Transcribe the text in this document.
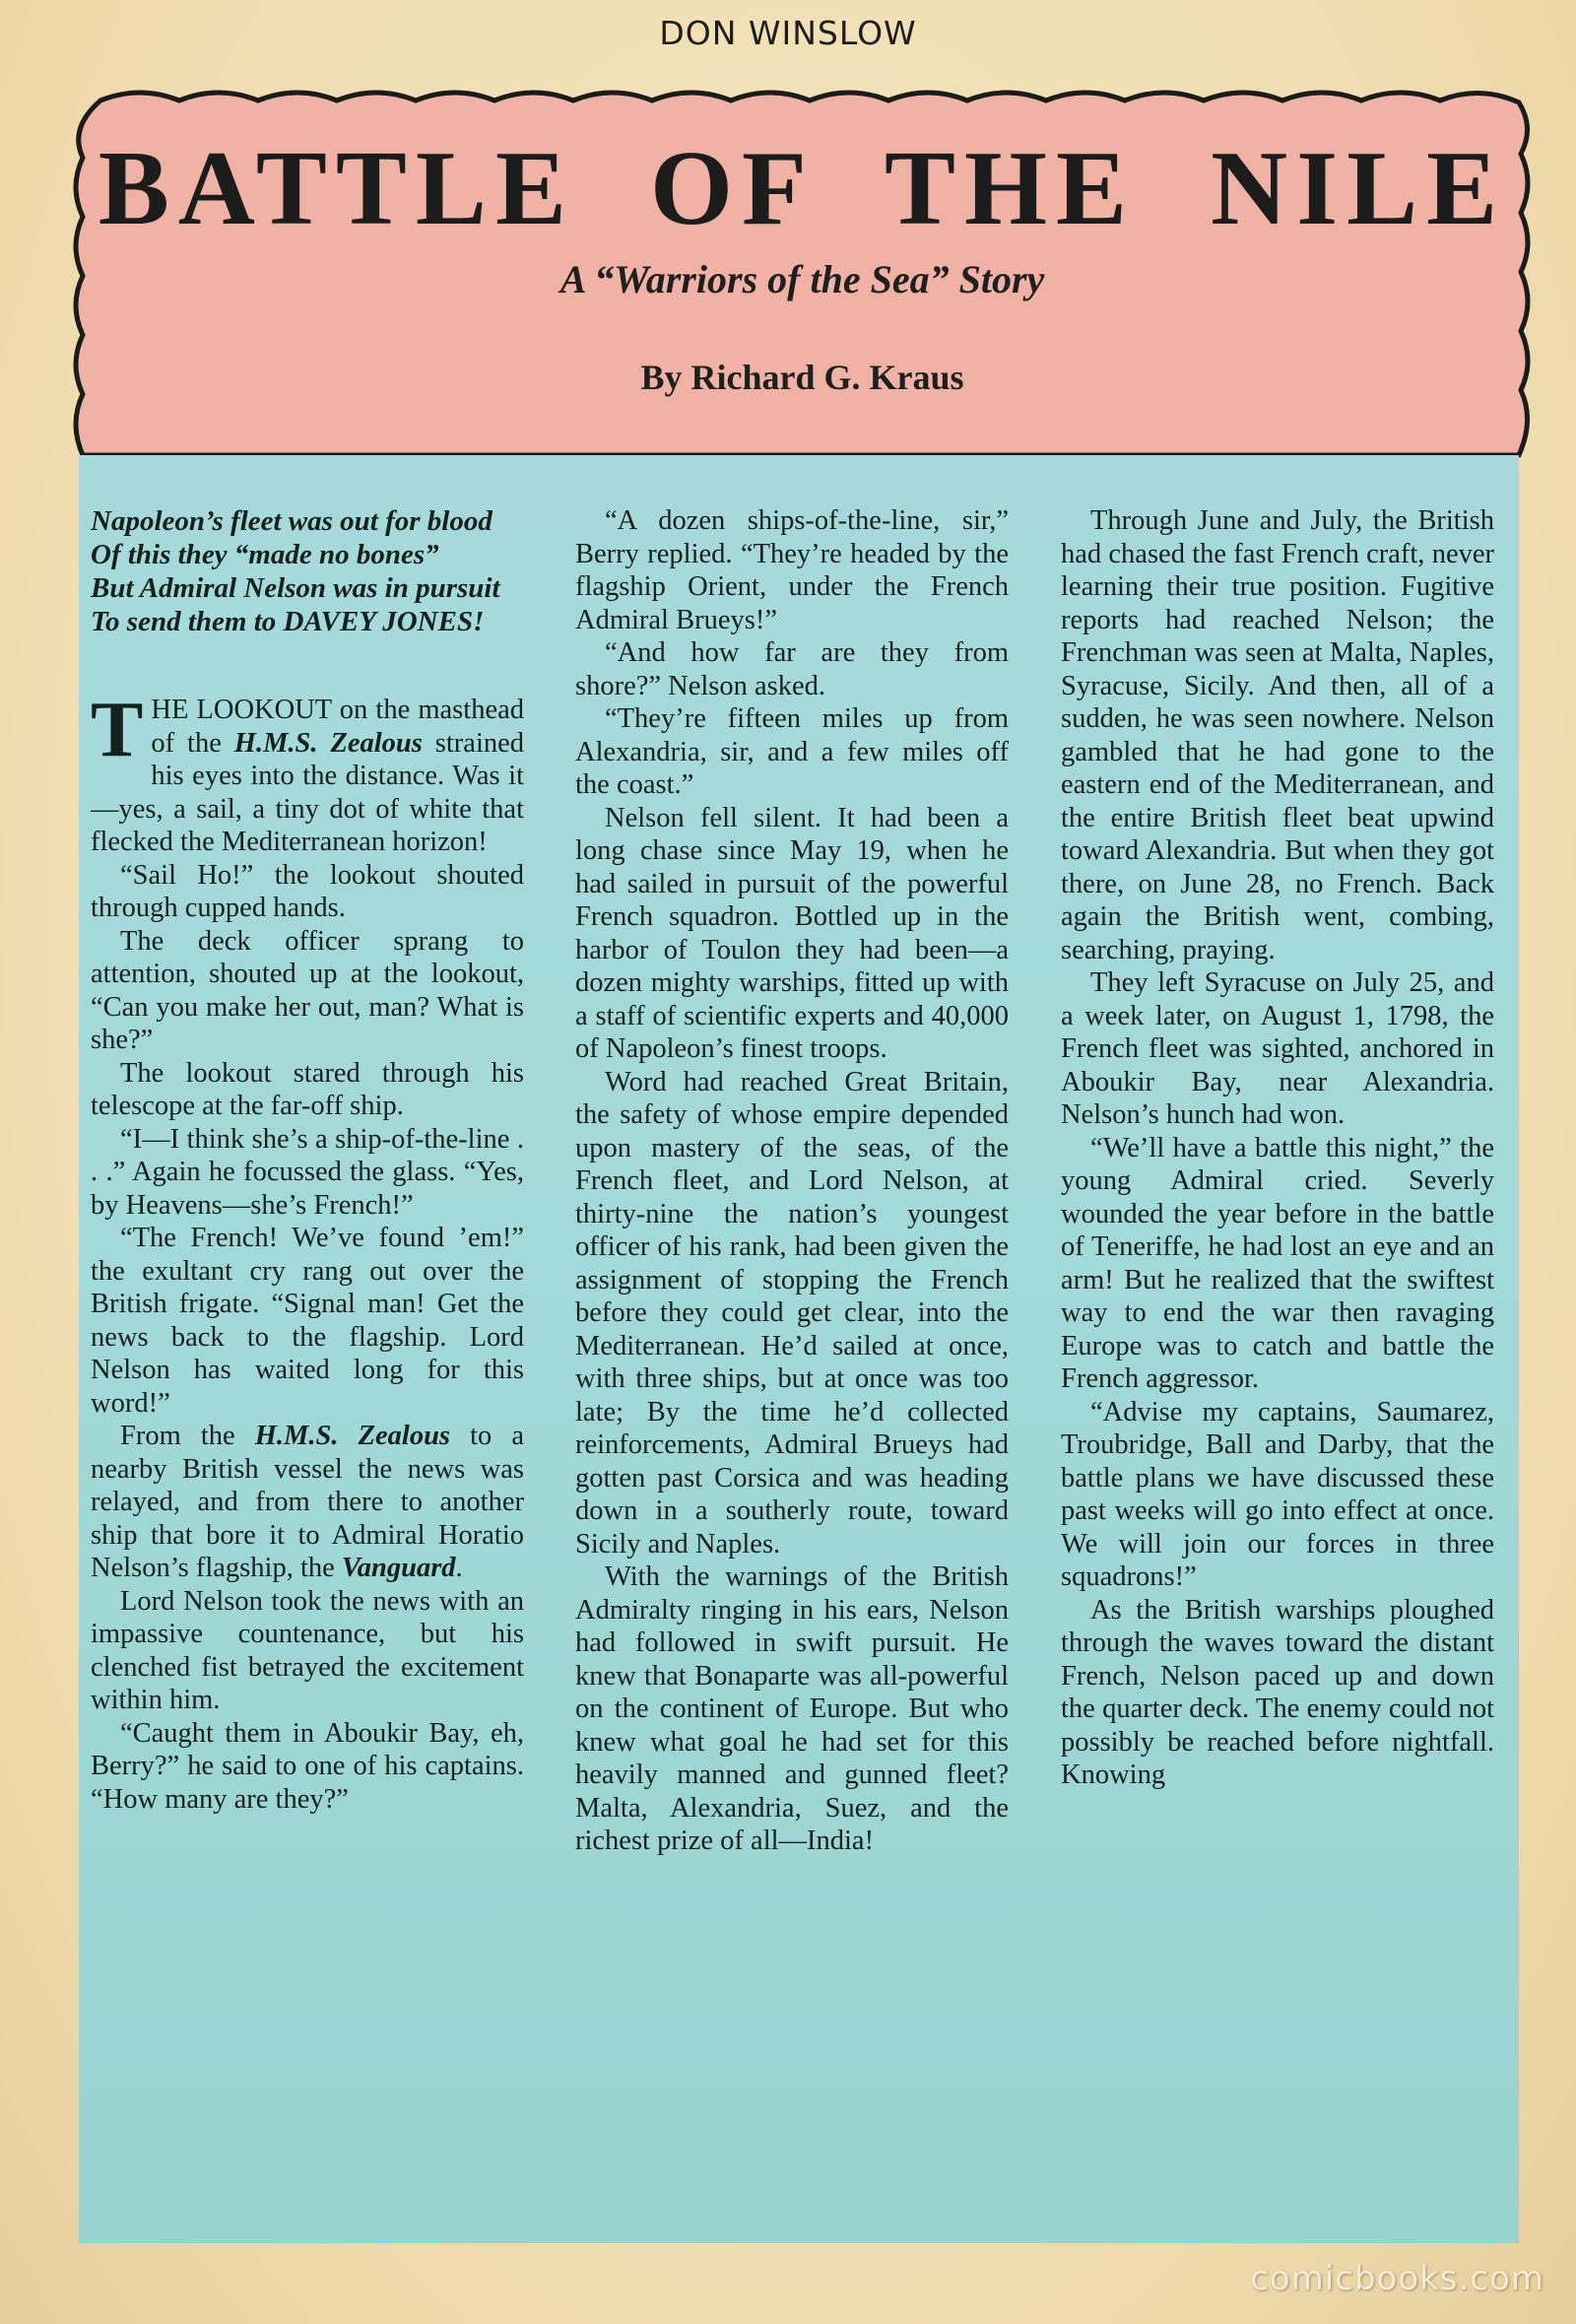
DON WINSLOW
BATTLE OF THE NILE
A “Warriors of the Sea” Story
By Richard G. Kraus
Napoleon’s fleet was out for blood
Of this they “made no bones”
But Admiral Nelson was in pursuit
To send them to DAVEY JONES!

THE LOOKOUT on the masthead of the H.M.S. Zealous strained his eyes into the distance. Was it—yes, a sail, a tiny dot of white that flecked the Mediterranean horizon!

“Sail Ho!” the lookout shouted through cupped hands.

The deck officer sprang to attention, shouted up at the lookout, “Can you make her out, man? What is she?”

The lookout stared through his telescope at the far-off ship.

“I—I think she’s a ship-of-the-line . . .” Again he focussed the glass. “Yes, by Heavens—she’s French!”

“The French! We’ve found ’em!” the exultant cry rang out over the British frigate. “Signal man! Get the news back to the flagship. Lord Nelson has waited long for this word!”

From the H.M.S. Zealous to a nearby British vessel the news was relayed, and from there to another ship that bore it to Admiral Horatio Nelson’s flagship, the Vanguard.

Lord Nelson took the news with an impassive countenance, but his clenched fist betrayed the excitement within him.

“Caught them in Aboukir Bay, eh, Berry?” he said to one of his captains. “How many are they?”

“A dozen ships-of-the-line, sir,” Berry replied. “They’re headed by the flagship Orient, under the French Admiral Brueys!”

“And how far are they from shore?” Nelson asked.

“They’re fifteen miles up from Alexandria, sir, and a few miles off the coast.”

Nelson fell silent. It had been a long chase since May 19, when he had sailed in pursuit of the powerful French squadron. Bottled up in the harbor of Toulon they had been—a dozen mighty warships, fitted up with a staff of scientific experts and 40,000 of Napoleon’s finest troops.

Word had reached Great Britain, the safety of whose empire depended upon mastery of the seas, of the French fleet, and Lord Nelson, at thirty-nine the nation’s youngest officer of his rank, had been given the assignment of stopping the French before they could get clear, into the Mediterranean. He’d sailed at once, with three ships, but at once was too late; By the time he’d collected reinforcements, Admiral Brueys had gotten past Corsica and was heading down in a southerly route, toward Sicily and Naples.

With the warnings of the British Admiralty ringing in his ears, Nelson had followed in swift pursuit. He knew that Bonaparte was all-powerful on the continent of Europe. But who knew what goal he had set for this heavily manned and gunned fleet? Malta, Alexandria, Suez, and the richest prize of all—India!

Through June and July, the British had chased the fast French craft, never learning their true position. Fugitive reports had reached Nelson; the Frenchman was seen at Malta, Naples, Syracuse, Sicily. And then, all of a sudden, he was seen nowhere. Nelson gambled that he had gone to the eastern end of the Mediterranean, and the entire British fleet beat upwind toward Alexandria. But when they got there, on June 28, no French. Back again the British went, combing, searching, praying.

They left Syracuse on July 25, and a week later, on August 1, 1798, the French fleet was sighted, anchored in Aboukir Bay, near Alexandria. Nelson’s hunch had won.

“We’ll have a battle this night,” the young Admiral cried. Severly wounded the year before in the battle of Teneriffe, he had lost an eye and an arm! But he realized that the swiftest way to end the war then ravaging Europe was to catch and battle the French aggressor.

“Advise my captains, Saumarez, Troubridge, Ball and Darby, that the battle plans we have discussed these past weeks will go into effect at once. We will join our forces in three squadrons!”

As the British warships ploughed through the waves toward the distant French, Nelson paced up and down the quarter deck. The enemy could not possibly be reached before nightfall. Knowing

comicbooks.com
